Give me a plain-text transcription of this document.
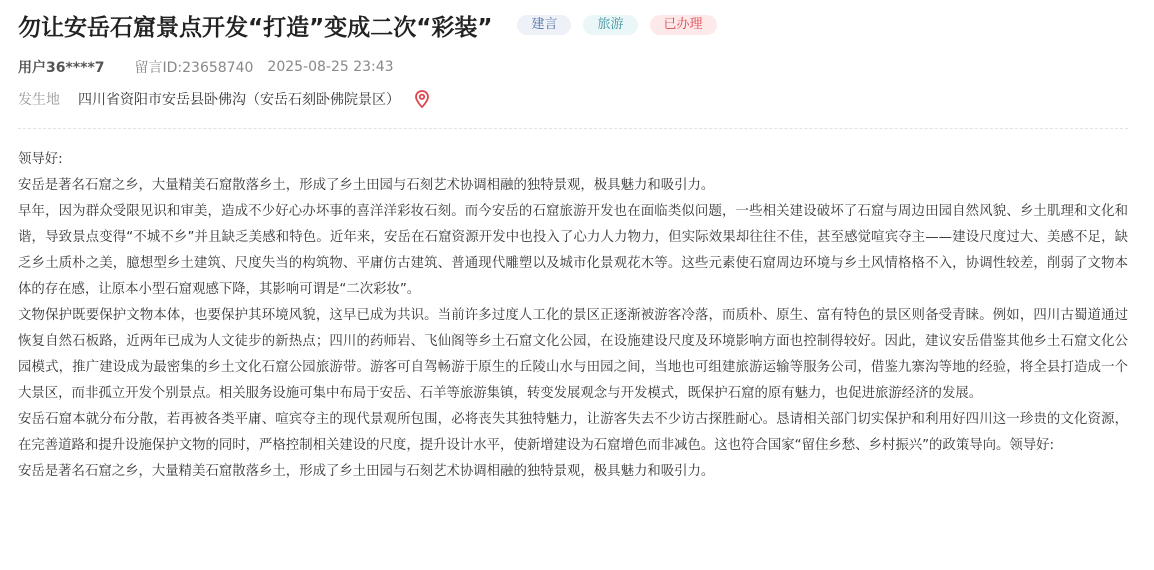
勿让安岳石窟景点开发“打造”变成二次“彩装”	建言	旅游	已办理
用户36****7 留言ID:23658740 2025-08-25 23:43
发生地 四川省资阳市安岳县卧佛沟（安岳石刻卧佛院景区）

领导好:

安岳是著名石窟之乡，大量精美石窟散落乡土，形成了乡土田园与石刻艺术协调相融的独特景观，极具魅力和吸引力。

早年，因为群众受限见识和审美，造成不少好心办坏事的喜洋洋彩妆石刻。而今安岳的石窟旅游开发也在面临类似问题，一些相关建设破坏了石窟与周边田园自然风貌、乡土肌理和文化和谐，导致景点变得“不城不乡”并且缺乏美感和特色。近年来，安岳在石窟资源开发中也投入了心力人力物力，但实际效果却往往不佳，甚至感觉喧宾夺主——建设尺度过大、美感不足，缺乏乡土质朴之美，臆想型乡土建筑、尺度失当的构筑物、平庸仿古建筑、普通现代雕塑以及城市化景观花木等。这些元素使石窟周边环境与乡土风情格格不入，协调性较差，削弱了文物本体的存在感，让原本小型石窟观感下降，其影响可谓是“二次彩妆”。

文物保护既要保护文物本体，也要保护其环境风貌，这早已成为共识。当前许多过度人工化的景区正逐渐被游客冷落，而质朴、原生、富有特色的景区则备受青睐。例如，四川古蜀道通过恢复自然石板路，近两年已成为人文徒步的新热点；四川的药师岩、飞仙阁等乡土石窟文化公园，在设施建设尺度及环境影响方面也控制得较好。因此，建议安岳借鉴其他乡土石窟文化公园模式，推广建设成为最密集的乡土文化石窟公园旅游带。游客可自驾畅游于原生的丘陵山水与田园之间，当地也可组建旅游运输等服务公司，借鉴九寨沟等地的经验，将全县打造成一个大景区，而非孤立开发个别景点。相关服务设施可集中布局于安岳、石羊等旅游集镇，转变发展观念与开发模式，既保护石窟的原有魅力，也促进旅游经济的发展。

安岳石窟本就分布分散，若再被各类平庸、喧宾夺主的现代景观所包围，必将丧失其独特魅力，让游客失去不少访古探胜耐心。恳请相关部门切实保护和利用好四川这一珍贵的文化资源，在完善道路和提升设施保护文物的同时，严格控制相关建设的尺度，提升设计水平，使新增建设为石窟增色而非减色。这也符合国家“留住乡愁、乡村振兴”的政策导向。领导好:

安岳是著名石窟之乡，大量精美石窟散落乡土，形成了乡土田园与石刻艺术协调相融的独特景观，极具魅力和吸引力。
